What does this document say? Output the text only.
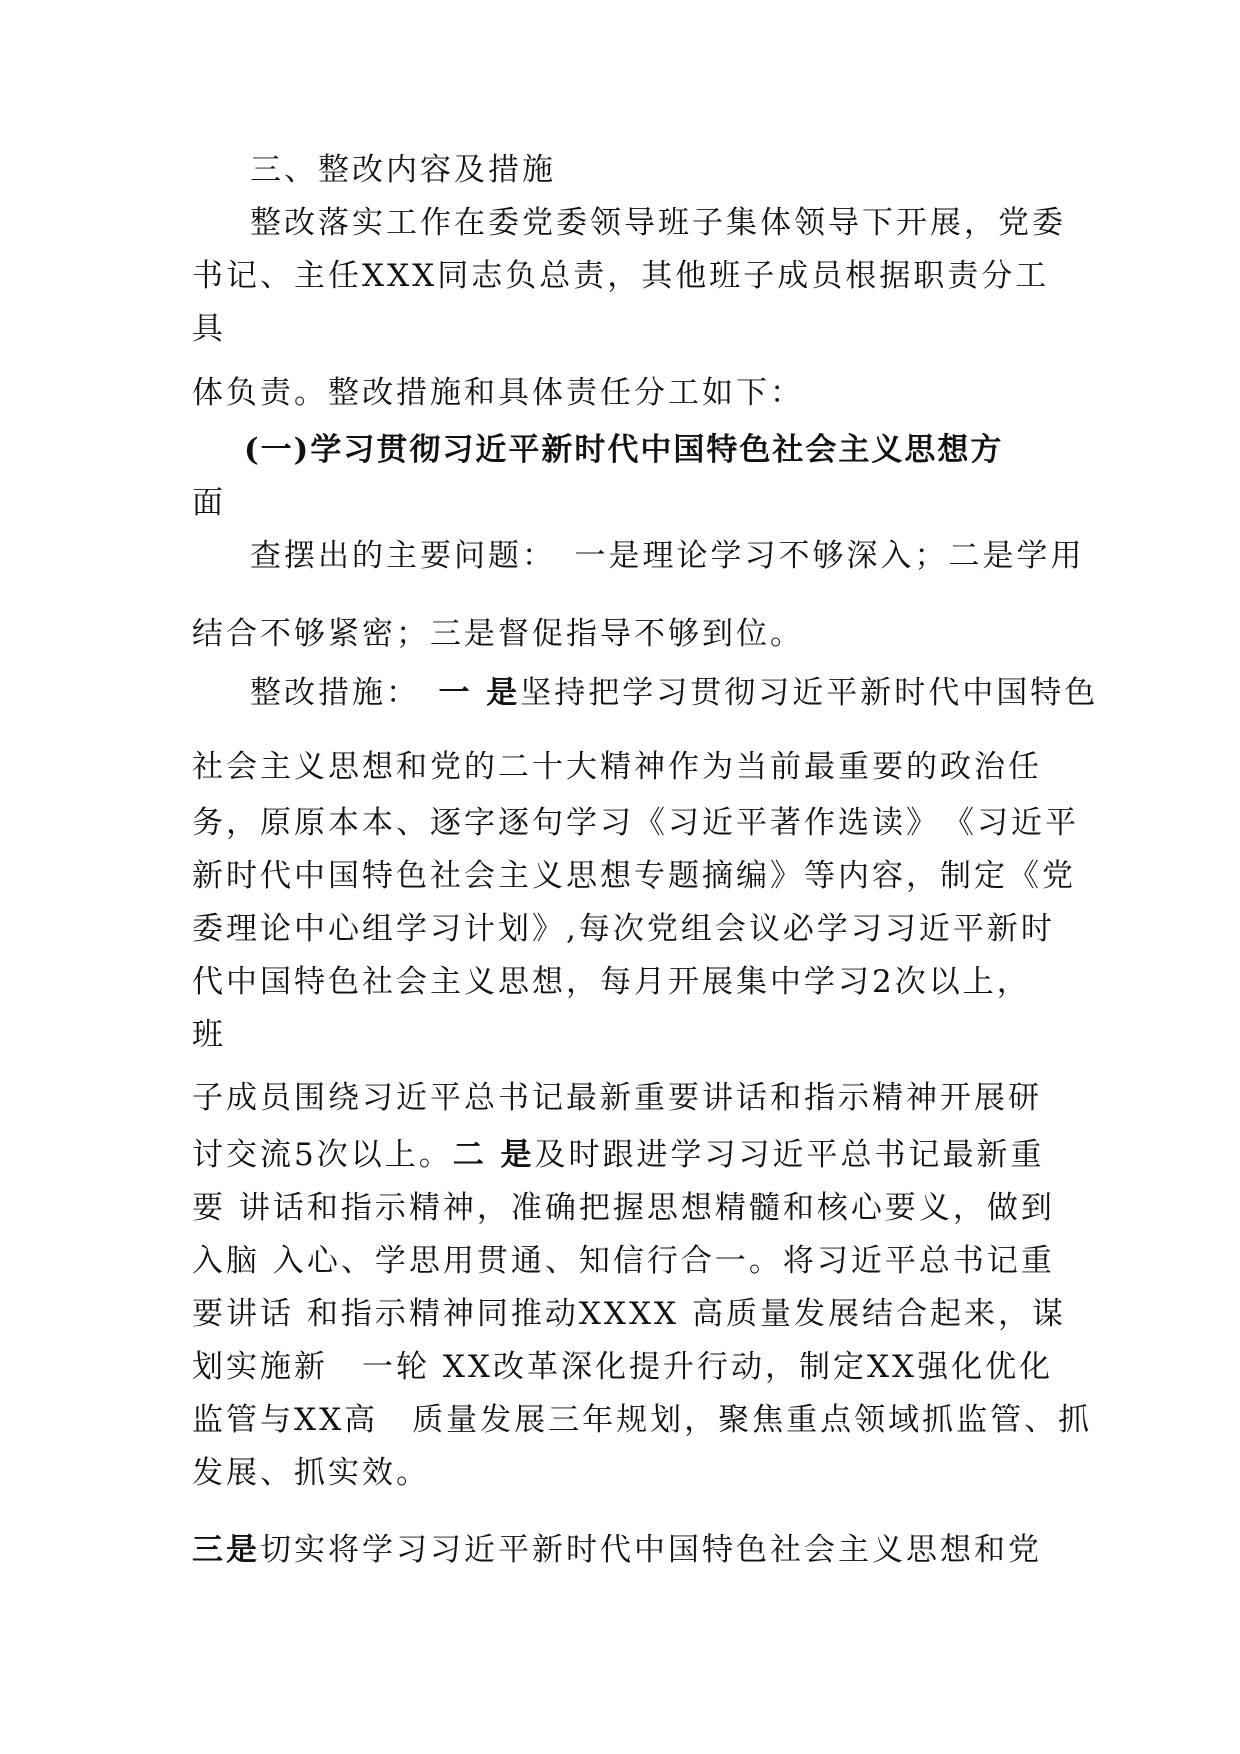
三、整改内容及措施

整改落实工作在委党委领导班子集体领导下开展，党委

书记、主任XXX同志负总责，其他班子成员根据职责分工

具

体负责。整改措施和具体责任分工如下：

(一)学习贯彻习近平新时代中国特色社会主义思想方

面

查摆出的主要问题：　一是理论学习不够深入；二是学用

结合不够紧密；三是督促指导不够到位。

整改措施：　一 是坚持把学习贯彻习近平新时代中国特色

社会主义思想和党的二十大精神作为当前最重要的政治任

务，原原本本、逐字逐句学习《习近平著作选读》　《习近平

新时代中国特色社会主义思想专题摘编》等内容，制定《党

委理论中心组学习计划》,每次党组会议必学习习近平新时

代中国特色社会主义思想，每月开展集中学习2次以上，

班

子成员围绕习近平总书记最新重要讲话和指示精神开展研

讨交流5次以上。二 是及时跟进学习习近平总书记最新重

要 讲话和指示精神，准确把握思想精髓和核心要义，做到

入脑 入心、学思用贯通、知信行合一。将习近平总书记重

要讲话 和指示精神同推动XXXX 高质量发展结合起来，谋

划实施新　一轮 XX改革深化提升行动，制定XX强化优化

监管与XX高　质量发展三年规划，聚焦重点领域抓监管、抓

发展、抓实效。

三是切实将学习习近平新时代中国特色社会主义思想和党
